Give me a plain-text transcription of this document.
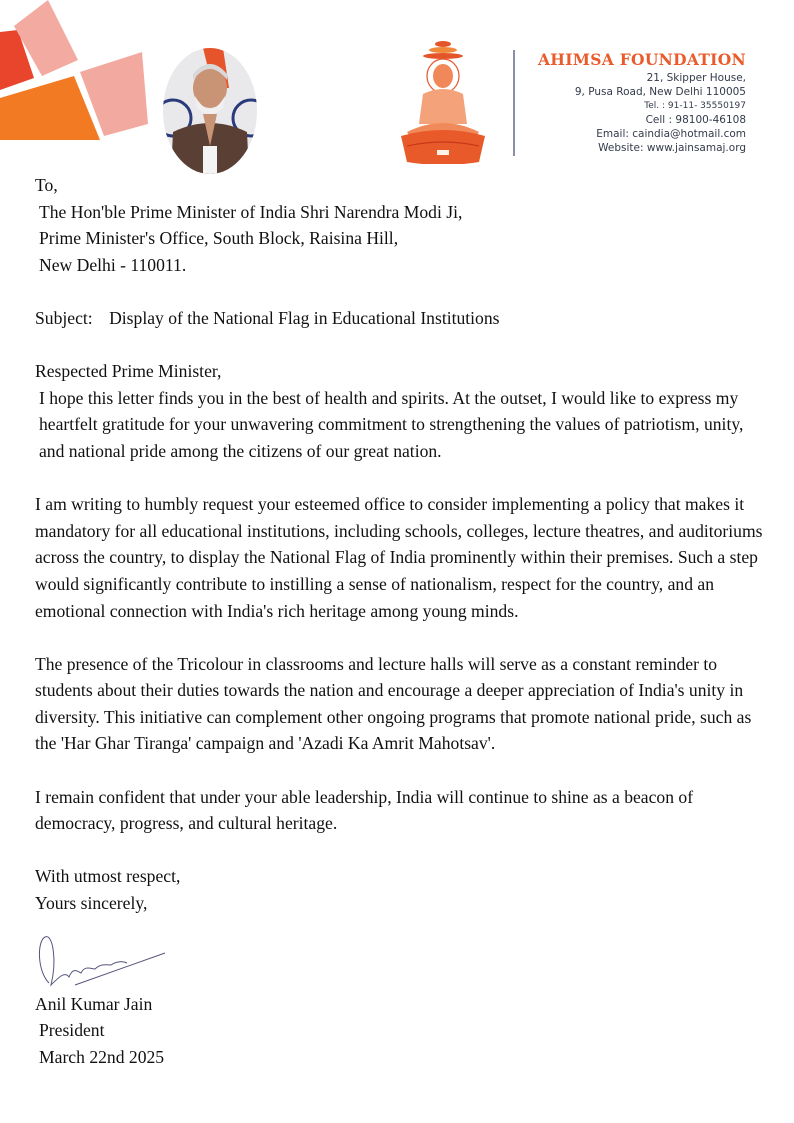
AHIMSA FOUNDATION
21, Skipper House,
9, Pusa Road, New Delhi 110005
Tel. : 91-11- 35550197
Cell : 98100-46108
Email: caindia@hotmail.com
Website: www.jainsamaj.org

To,

The Hon'ble Prime Minister of India Shri Narendra Modi Ji,

Prime Minister's Office, South Block, Raisina Hill,

New Delhi - 110011.

Subject: Display of the National Flag in Educational Institutions

Respected Prime Minister,

I hope this letter finds you in the best of health and spirits. At the outset, I would like to express my heartfelt gratitude for your unwavering commitment to strengthening the values of patriotism, unity, and national pride among the citizens of our great nation.

I am writing to humbly request your esteemed office to consider implementing a policy that makes it mandatory for all educational institutions, including schools, colleges, lecture theatres, and auditoriums across the country, to display the National Flag of India prominently within their premises. Such a step would significantly contribute to instilling a sense of nationalism, respect for the country, and an emotional connection with India's rich heritage among young minds.

The presence of the Tricolour in classrooms and lecture halls will serve as a constant reminder to students about their duties towards the nation and encourage a deeper appreciation of India's unity in diversity. This initiative can complement other ongoing programs that promote national pride, such as the 'Har Ghar Tiranga' campaign and 'Azadi Ka Amrit Mahotsav'.

I remain confident that under your able leadership, India will continue to shine as a beacon of democracy, progress, and cultural heritage.

With utmost respect,

Yours sincerely,

Anil Kumar Jain

President

March 22nd 2025
